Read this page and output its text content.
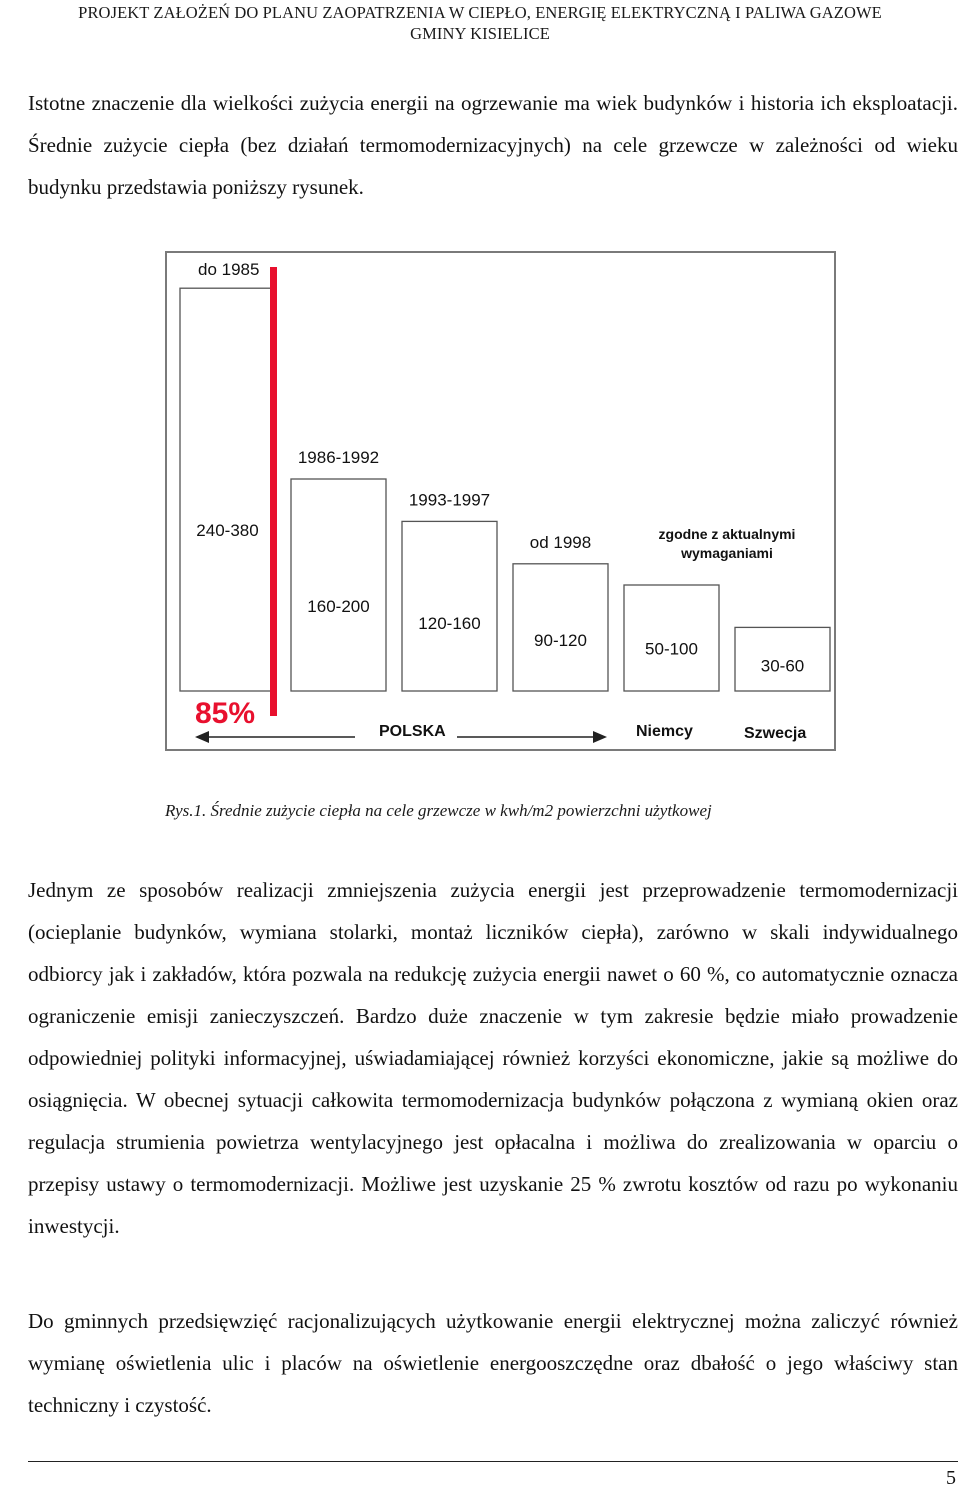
PROJEKT ZAŁOŻEŃ DO PLANU ZAOPATRZENIA W CIEPŁO, ENERGIĘ ELEKTRYCZNĄ I PALIWA GAZOWE
GMINY KISIELICE

Istotne znaczenie dla wielkości zużycia energii na ogrzewanie ma wiek budynków i historia ich eksploatacji. Średnie zużycie ciepła (bez działań termomodernizacyjnych) na cele grzewcze w zależności od wieku budynku przedstawia poniższy rysunek.

240-380
do 1985
160-200
1986-1992
120-160
1993-1997
90-120
od 1998
50-100
zgodne z aktualnymi
wymaganiami
30-60
85%
POLSKA	Niemcy	Szwecja
Rys.1. Średnie zużycie ciepła na cele grzewcze w kwh/m2 powierzchni użytkowej

Jednym ze sposobów realizacji zmniejszenia zużycia energii jest przeprowadzenie termomodernizacji (ocieplanie budynków, wymiana stolarki, montaż liczników ciepła), zarówno w skali indywidualnego odbiorcy jak i zakładów, która pozwala na redukcję zużycia energii nawet o 60 %, co automatycznie oznacza ograniczenie emisji zanieczyszczeń. Bardzo duże znaczenie w tym zakresie będzie miało prowadzenie odpowiedniej polityki informacyjnej, uświadamiającej również korzyści ekonomiczne, jakie są możliwe do osiągnięcia. W obecnej sytuacji całkowita termomodernizacja budynków połączona z wymianą okien oraz regulacja strumienia powietrza wentylacyjnego jest opłacalna i możliwa do zrealizowania w oparciu o przepisy ustawy o termomodernizacji. Możliwe jest uzyskanie 25 % zwrotu kosztów od razu po wykonaniu inwestycji.

Do gminnych przedsięwzięć racjonalizujących użytkowanie energii elektrycznej można zaliczyć również wymianę oświetlenia ulic i placów na oświetlenie energooszczędne oraz dbałość o jego właściwy stan techniczny i czystość.

5
